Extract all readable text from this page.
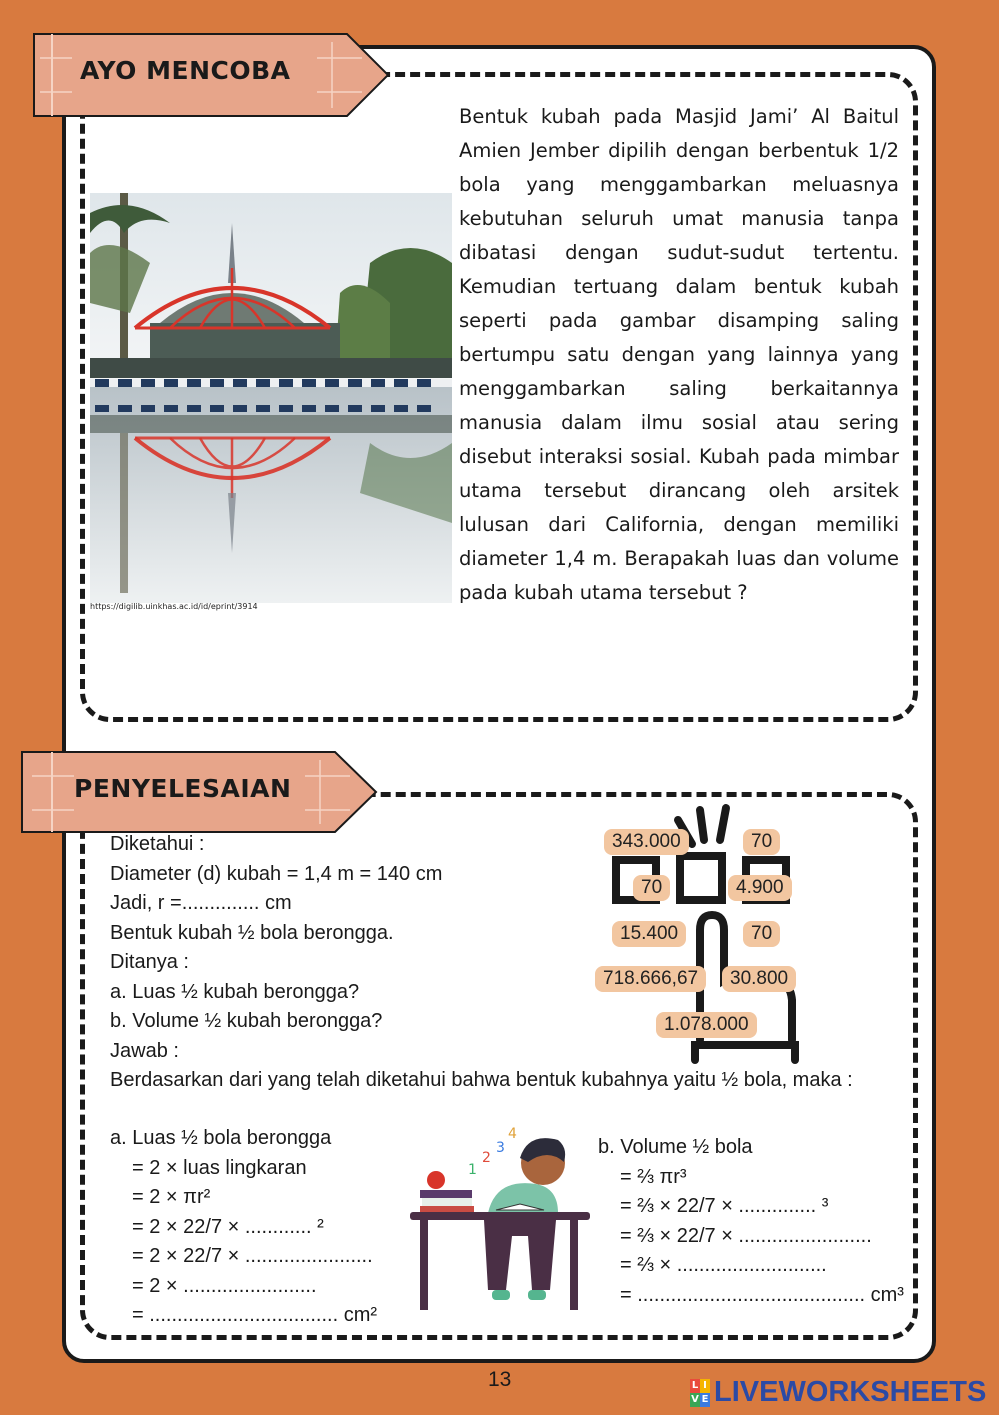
AYO MENCOBA
https://digilib.uinkhas.ac.id/id/eprint/3914
Bentuk kubah pada Masjid Jami’ Al Baitul Amien Jember dipilih dengan berbentuk 1/2 bola yang menggambarkan meluasnya kebutuhan seluruh umat manusia tanpa dibatasi dengan sudut-sudut tertentu. Kemudian tertuang dalam bentuk kubah seperti pada gambar disamping saling bertumpu satu dengan yang lainnya yang menggambarkan saling berkaitannya manusia dalam ilmu sosial atau sering disebut interaksi sosial. Kubah pada mimbar utama tersebut dirancang oleh arsitek lulusan dari California, dengan memiliki diameter 1,4 m. Berapakah luas dan volume pada kubah utama tersebut ?
PENYELESAIAN
Diketahui :
Diameter (d) kubah = 1,4 m = 140 cm
Jadi, r =.............. cm
Bentuk kubah ½ bola berongga.
Ditanya :
a. Luas ½ kubah berongga?
b. Volume ½ kubah berongga?
Jawab :
Berdasarkan dari yang telah diketahui bahwa bentuk kubahnya yaitu ½ bola, maka :
a. Luas ½ bola berongga
= 2 × luas lingkaran
= 2 × πr²
= 2 × 22/7 × ............ ²
= 2 × 22/7 × .......................
= 2 × ........................
= .................................. cm²
b. Volume ½ bola
= ⅔ πr³
= ⅔ × 22/7 × .............. ³
= ⅔ × 22/7 × ........................
= ⅔ × ...........................
= ......................................... cm³
343.000	70
70	4.900
15.400	70
718.666,67	30.800
1.078.000
1
2
3
4
13	L I
V E LIVEWORKSHEETS
